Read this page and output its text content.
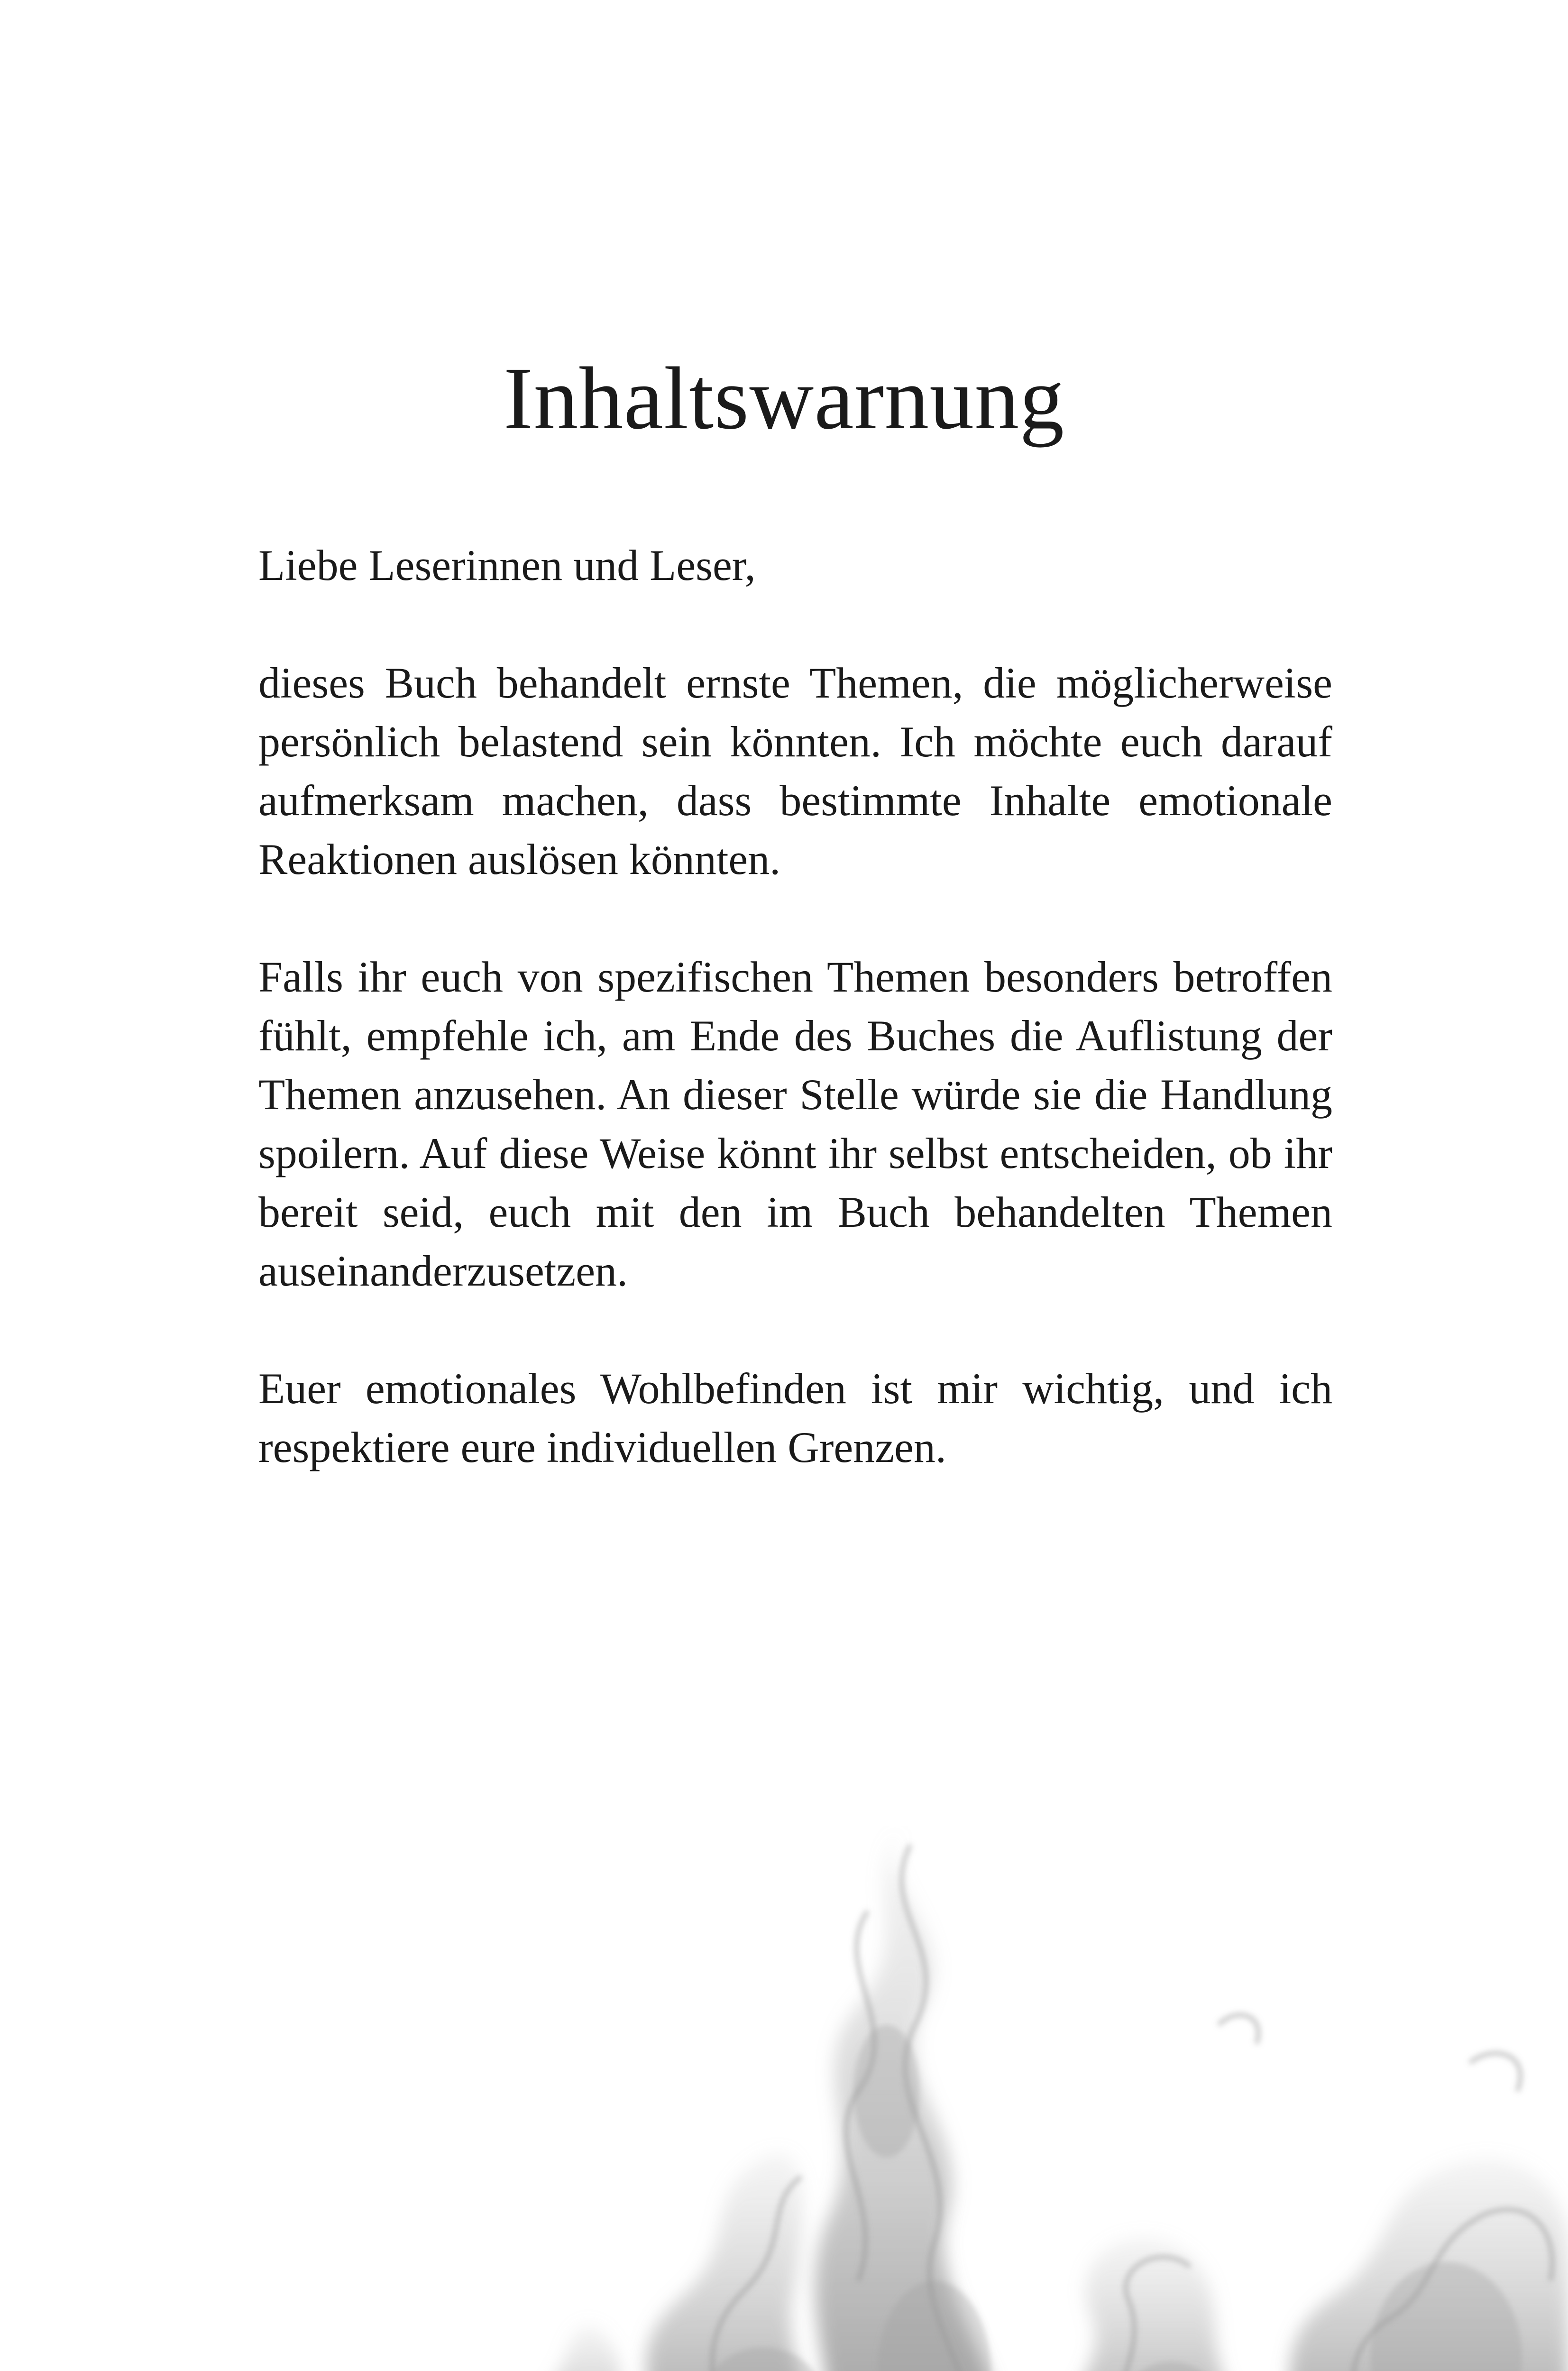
Inhaltswarnung

Liebe Leserinnen und Leser,

dieses Buch behandelt ernste Themen, die möglicherweise persönlich belastend sein könnten. Ich möchte euch darauf aufmerksam machen, dass bestimmte Inhalte emotionale Reaktionen auslösen könnten.

Falls ihr euch von spezifischen Themen besonders betroffen fühlt, empfehle ich, am Ende des Buches die Auflistung der Themen anzusehen. An dieser Stelle würde sie die Handlung spoilern. Auf diese Weise könnt ihr selbst entscheiden, ob ihr bereit seid, euch mit den im Buch behandelten Themen auseinanderzusetzen.

Euer emotionales Wohlbefinden ist mir wichtig, und ich respektiere eure individuellen Grenzen.
